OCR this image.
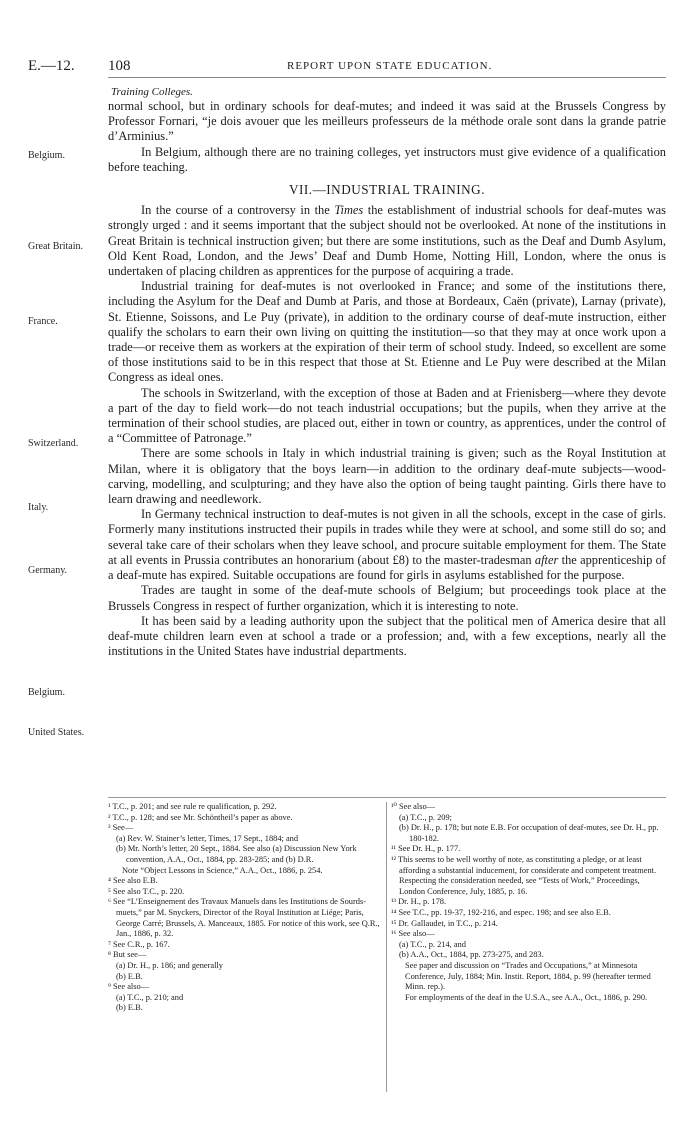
E.—12. 108	REPORT UPON STATE EDUCATION.
Belgium.
Great Britain.
France.
Switzerland.
Italy.
Germany.
Belgium.
United States.
Training Colleges.

normal school, but in ordinary schools for deaf-mutes; and indeed it was said at the Brussels Congress by Professor Fornari, “je dois avouer que les meilleurs professeurs de la méthode orale sont dans la grande patrie d’Arminius.”

In Belgium, although there are no training colleges, yet instructors must give evidence of a qualification before teaching.

VII.—INDUSTRIAL TRAINING.

In the course of a controversy in the Times the establishment of industrial schools for deaf-mutes was strongly urged : and it seems important that the subject should not be overlooked. At none of the institutions in Great Britain is technical instruction given; but there are some institutions, such as the Deaf and Dumb Asylum, Old Kent Road, London, and the Jews’ Deaf and Dumb Home, Notting Hill, London, where the onus is undertaken of placing children as apprentices for the purpose of acquiring a trade.

Industrial training for deaf-mutes is not overlooked in France; and some of the institutions there, including the Asylum for the Deaf and Dumb at Paris, and those at Bordeaux, Caën (private), Larnay (private), St. Etienne, Soissons, and Le Puy (private), in addition to the ordinary course of deaf-mute instruction, either qualify the scholars to earn their own living on quitting the institution—so that they may at once work upon a trade—or receive them as workers at the expiration of their term of school study. Indeed, so excellent are some of those institutions said to be in this respect that those at St. Etienne and Le Puy were described at the Milan Congress as ideal ones.

The schools in Switzerland, with the exception of those at Baden and at Frienisberg—where they devote a part of the day to field work—do not teach industrial occupations; but the pupils, when they arrive at the termination of their school studies, are placed out, either in town or country, as apprentices, under the control of a “Committee of Patronage.”

There are some schools in Italy in which industrial training is given; such as the Royal Institution at Milan, where it is obligatory that the boys learn—in addition to the ordinary deaf-mute subjects—wood-carving, modelling, and sculpturing; and they have also the option of being taught painting. Girls there have to learn drawing and needlework.

In Germany technical instruction to deaf-mutes is not given in all the schools, except in the case of girls. Formerly many institutions instructed their pupils in trades while they were at school, and some still do so; and several take care of their scholars when they leave school, and procure suitable employment for them. The State at all events in Prussia contributes an honorarium (about £8) to the master-tradesman after the apprenticeship of a deaf-mute has expired. Suitable occupations are found for girls in asylums established for the purpose.

Trades are taught in some of the deaf-mute schools of Belgium; but proceedings took place at the Brussels Congress in respect of further organization, which it is interesting to note.

It has been said by a leading authority upon the subject that the political men of America desire that all deaf-mute children learn even at school a trade or a profession; and, with a few exceptions, nearly all the institutions in the United States have industrial departments.

¹ T.C., p. 201; and see rule re qualification, p. 292.

² T.C., p. 128; and see Mr. Schöntheil’s paper as above.

³ See—

(a) Rev. W. Stainer’s letter, Times, 17 Sept., 1884; and

(b) Mr. North’s letter, 20 Sept., 1884. See also (a) Discussion New York convention, A.A., Oct., 1884, pp. 283-285; and (b) D.R.

Note “Object Lessons in Science,” A.A., Oct., 1886, p. 254.

⁴ See also E.B.

⁵ See also T.C., p. 220.

⁶ See “L’Enseignement des Travaux Manuels dans les Institutions de Sourds-muets,” par M. Snyckers, Director of the Royal Institution at Liége; Paris, George Carré; Brussels, A. Manceaux, 1885. For notice of this work, see Q.R., Jan., 1886, p. 32.

⁷ See C.R., p. 167.

⁸ But see—

(a) Dr. H., p. 186; and generally

(b) E.B.

⁹ See also—

(a) T.C., p. 210; and

(b) E.B.

¹⁰ See also—

(a) T.C., p. 209;

(b) Dr. H., p. 178; but note E.B. For occupation of deaf-mutes, see Dr. H., pp. 180-182.

¹¹ See Dr. H., p. 177.

¹² This seems to be well worthy of note, as constituting a pledge, or at least affording a substantial inducement, for considerate and competent treatment. Respecting the consideration needed, see “Tests of Work,” Proceedings, London Conference, July, 1885, p. 16.

¹³ Dr. H., p. 178.

¹⁴ See T.C., pp. 19-37, 192-216, and espec. 198; and see also E.B.

¹⁵ Dr. Gallaudet, in T.C., p. 214.

¹⁶ See also—

(a) T.C., p. 214, and

(b) A.A., Oct., 1884, pp. 273-275, and 283.

See paper and discussion on “Trades and Occupations,” at Minnesota Conference, July, 1884; Min. Instit. Report, 1884, p. 99 (hereafter termed Minn. rep.).

For employments of the deaf in the U.S.A., see A.A., Oct., 1886, p. 290.
